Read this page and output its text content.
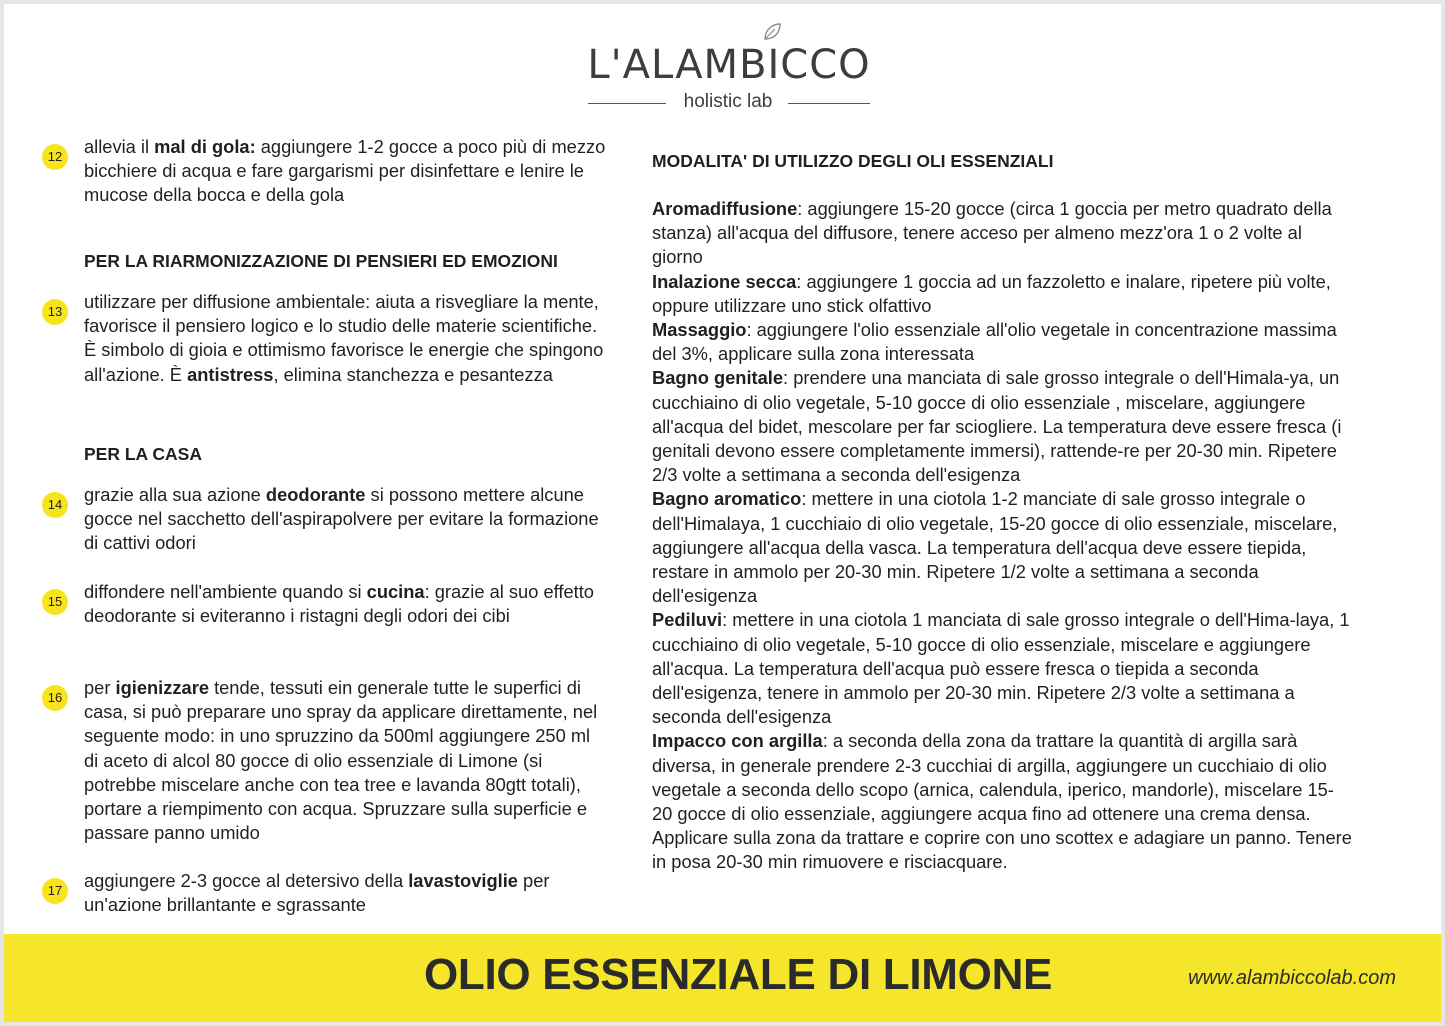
L'ALAMBICCO

holistic lab

12	allevia il mal di gola: aggiungere 1-2 gocce a poco più di mezzo bicchiere di acqua e fare gargarismi per disinfettare e lenire le mucose della bocca e della gola

PER LA RIARMONIZZAZIONE DI PENSIERI ED EMOZIONI

13	utilizzare per diffusione ambientale: aiuta a risvegliare la mente, favorisce il pensiero logico e lo studio delle materie scientifiche. È simbolo di gioia e ottimismo favorisce le energie che spingono all'azione. È antistress, elimina stanchezza e pesantezza

PER LA CASA

14	grazie alla sua azione deodorante si possono mettere alcune gocce nel sacchetto dell'aspirapolvere per evitare la formazione di cattivi odori

15	diffondere nell'ambiente quando si cucina: grazie al suo effetto deodorante si eviteranno i ristagni degli odori dei cibi

16	per igienizzare tende, tessuti ein generale tutte le superfici di casa, si può preparare uno spray da applicare direttamente, nel seguente modo: in uno spruzzino da 500ml aggiungere 250 ml di aceto di alcol 80 gocce di olio essenziale di Limone (si potrebbe miscelare anche con tea tree e lavanda 80gtt totali), portare a riempimento con acqua. Spruzzare sulla superficie e passare panno umido

17	aggiungere 2-3 gocce al detersivo della lavastoviglie per un'azione brillantante e sgrassante

MODALITA' DI UTILIZZO DEGLI OLI ESSENZIALI

Aromadiffusione: aggiungere 15-20 gocce (circa 1 goccia per metro quadrato della stanza) all'acqua del diffusore, tenere acceso per almeno mezz'ora 1 o 2 volte al giorno

Inalazione secca: aggiungere 1 goccia ad un fazzoletto e inalare, ripetere più volte, oppure utilizzare uno stick olfattivo

Massaggio: aggiungere l'olio essenziale all'olio vegetale in concentrazione massima del 3%, applicare sulla zona interessata

Bagno genitale: prendere una manciata di sale grosso integrale o dell'Himala-ya, un cucchiaino di olio vegetale, 5-10 gocce di olio essenziale , miscelare, aggiungere all'acqua del bidet, mescolare per far sciogliere. La temperatura deve essere fresca (i genitali devono essere completamente immersi), rattende-re per 20-30 min. Ripetere 2/3 volte a settimana a seconda dell'esigenza

Bagno aromatico: mettere in una ciotola 1-2 manciate di sale grosso integrale o dell'Himalaya, 1 cucchiaio di olio vegetale, 15-20 gocce di olio essenziale, miscelare, aggiungere all'acqua della vasca. La temperatura dell'acqua deve essere tiepida, restare in ammolo per 20-30 min. Ripetere 1/2 volte a settimana a seconda dell'esigenza

Pediluvi: mettere in una ciotola 1 manciata di sale grosso integrale o dell'Hima-laya, 1 cucchiaino di olio vegetale, 5-10 gocce di olio essenziale, miscelare e aggiungere all'acqua. La temperatura dell'acqua può essere fresca o tiepida a seconda dell'esigenza, tenere in ammolo per 20-30 min. Ripetere 2/3 volte a settimana a seconda dell'esigenza

Impacco con argilla: a seconda della zona da trattare la quantità di argilla sarà diversa, in generale prendere 2-3 cucchiai di argilla, aggiungere un cucchiaio di olio vegetale a seconda dello scopo (arnica, calendula, iperico, mandorle), miscelare 15-20 gocce di olio essenziale, aggiungere acqua fino ad ottenere una crema densa. Applicare sulla zona da trattare e coprire con uno scottex e adagiare un panno. Tenere in posa 20-30 min rimuovere e risciacquare.

OLIO ESSENZIALE DI LIMONE	www.alambiccolab.com
